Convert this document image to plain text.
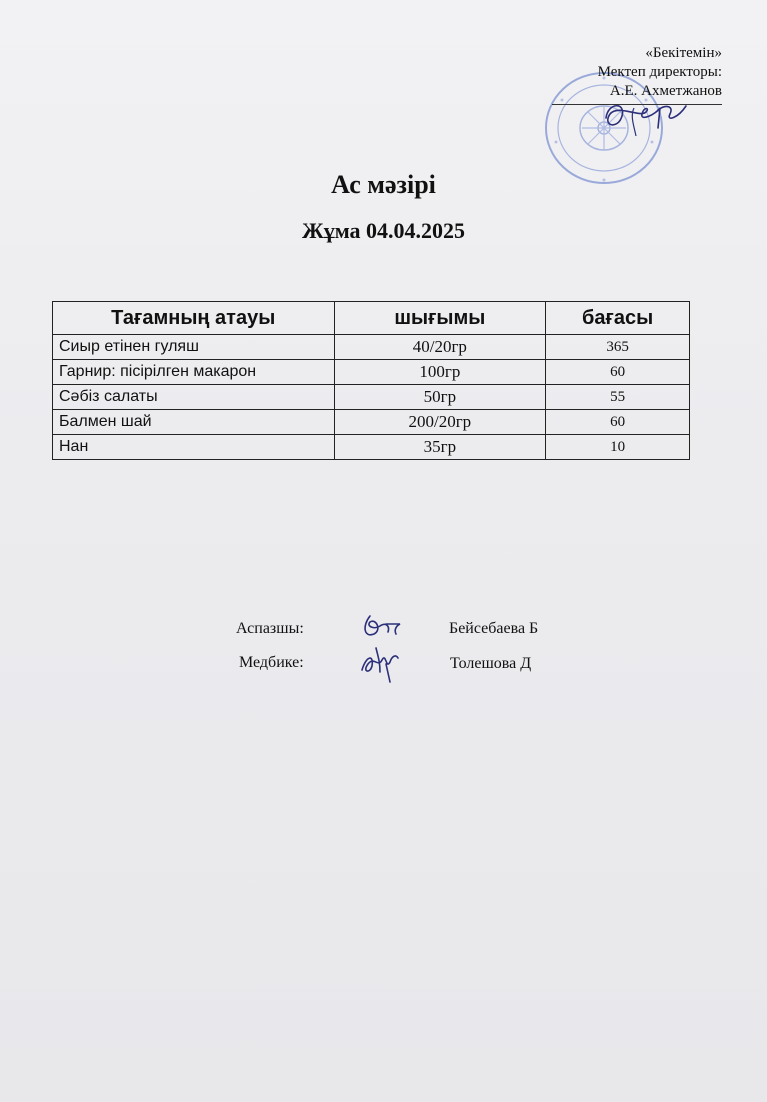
«Бекітемін»
Мектеп директоры:
А.Е. Ахметжанов
Ас мәзірі
Жұма 04.04.2025
Тағамның атауы	шығымы	бағасы
Сиыр етінен гуляш	40/20гр	365
Гарнир: пісірілген макарон	100гр	60
Сәбіз салаты	50гр	55
Балмен шай	200/20гр	60
Нан	35гр	10
Аспазшы:	Бейсебаева Б
Медбике:	Толешова Д
